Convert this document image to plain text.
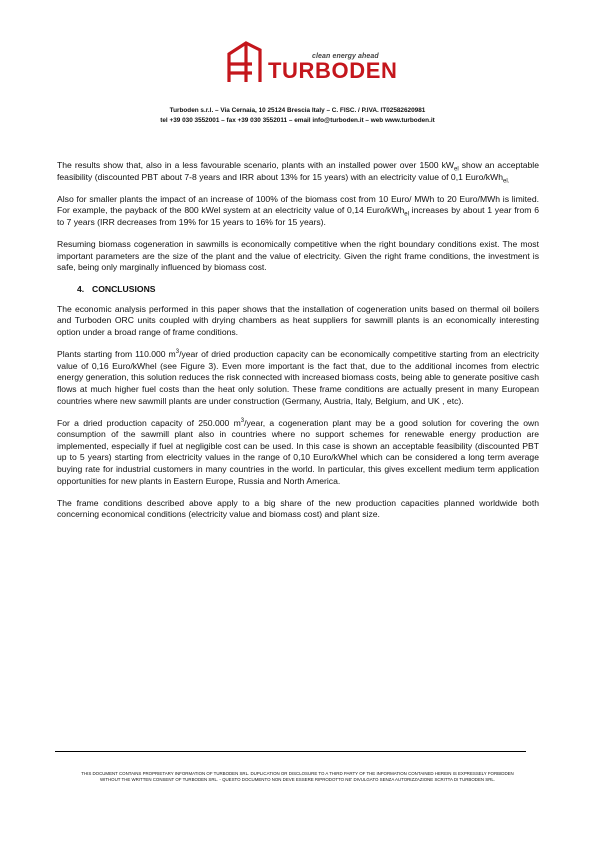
clean energy ahead
TURBODEN
Turboden s.r.l. – Via Cernaia, 10 25124 Brescia Italy – C. FISC. / P.IVA. IT02582620981
tel +39 030 3552001 – fax +39 030 3552011 – email info@turboden.it – web www.turboden.it

The results show that, also in a less favourable scenario, plants with an installed power over 1500 $kW_{el}$ show an acceptable feasibility (discounted PBT about 7-8 years and IRR about 13% for 15 years) with an electricity value of 0,1 Euro/kWh$_{el.}$

Also for smaller plants the impact of an increase of 100% of the biomass cost from 10 Euro/ MWh to 20 Euro/MWh is limited. For example, the payback of the 800 kWel system at an electricity value of 0,14 Euro/kWh$_{el}$ increases by about 1 year from 6 to 7 years (IRR decreases from 19% for 15 years to 16% for 15 years).

Resuming biomass cogeneration in sawmills is economically competitive when the right boundary conditions exist. The most important parameters are the size of the plant and the value of electricity. Given the right frame conditions, the investment is safe, being only marginally influenced by biomass cost.

4. CONCLUSIONS

The economic analysis performed in this paper shows that the installation of cogeneration units based on thermal oil boilers and Turboden ORC units coupled with drying chambers as heat suppliers for sawmill plants is an economically interesting option under a broad range of frame conditions.

Plants starting from 110.000 $m^3$/year of dried production capacity can be economically competitive starting from an electricity value of 0,16 Euro/kWhel (see Figure 3). Even more important is the fact that, due to the additional incomes from electric energy generation, this solution reduces the risk connected with increased biomass costs, being able to generate positive cash flows at much higher fuel costs than the heat only solution. These frame conditions are actually present in many European countries where new sawmill plants are under construction (Germany, Austria, Italy, Belgium, and UK , etc).

For a dried production capacity of 250.000 $m^3$/year, a cogeneration plant may be a good solution for covering the own consumption of the sawmill plant also in countries where no support schemes for renewable energy production are implemented, especially if fuel at negligible cost can be used. In this case is shown an acceptable feasibility (discounted PBT up to 5 years) starting from electricity values in the range of 0,10 Euro/kWhel which can be considered a long term average buying rate for industrial customers in many countries in the world. In particular, this gives excellent medium term application opportunities for new plants in Eastern Europe, Russia and North America.

The frame conditions described above apply to a big share of the new production capacities planned worldwide both concerning economical conditions (electricity value and biomass cost) and plant size.

THIS DOCUMENT CONTAINS PROPRIETARY INFORMATION OF TURBODEN SRL. DUPLICATION OR DISCLOSURE TO A THIRD PARTY OF THE INFORMATION CONTAINED HEREIN IS EXPRESSELY FORBIDDEN
WITHOUT THE WRITTEN CONSENT OF TURBODEN SRL. - QUESTO DOCUMENTO NON DEVE ESSERE RIPRODOTTO NE' DIVULGATO SENZA AUTORIZZAZIONE SCRITTA DI TURBODEN SRL.
